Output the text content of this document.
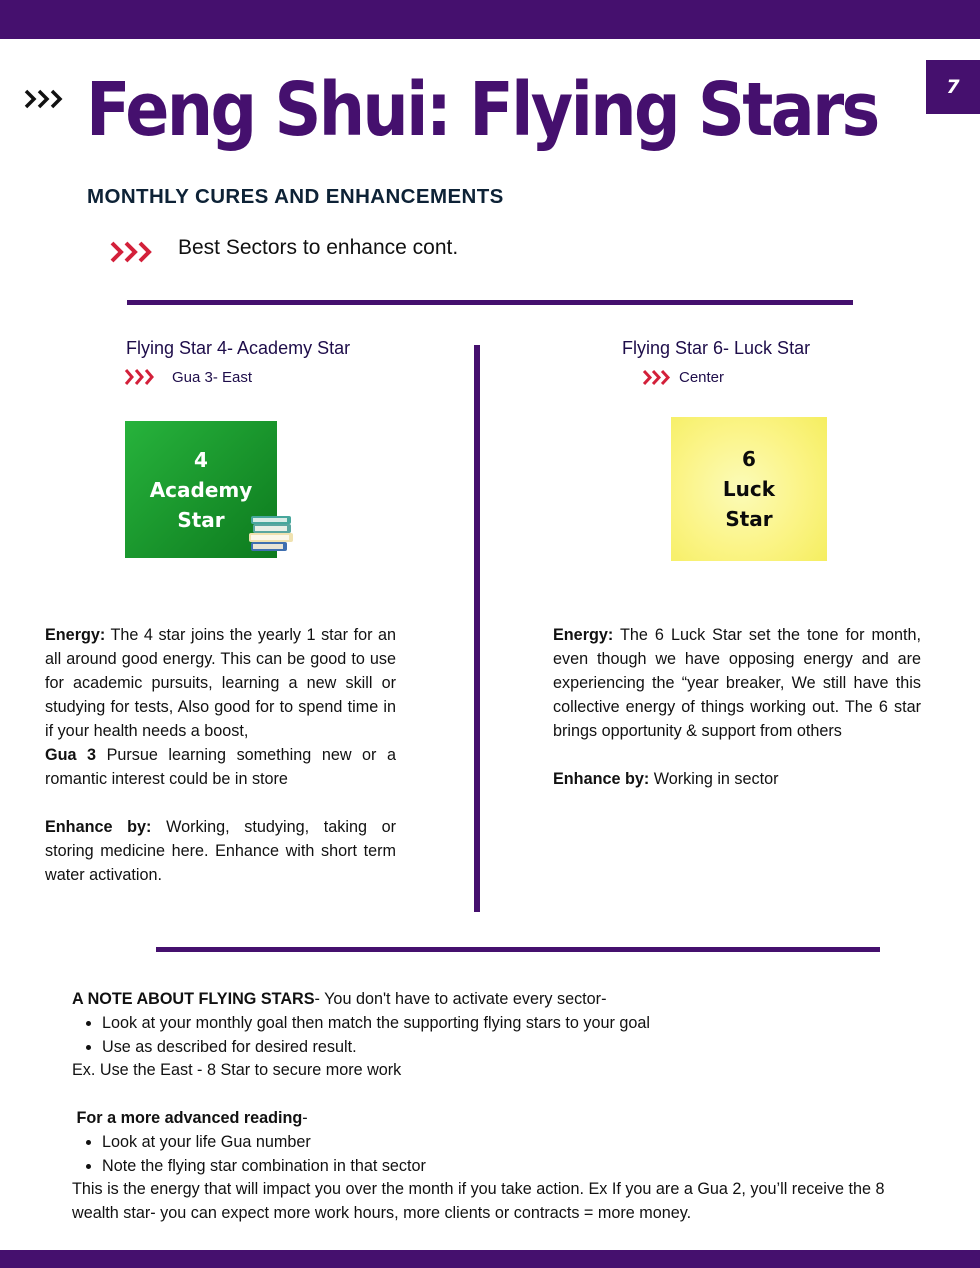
7
Feng Shui: Flying Stars
MONTHLY CURES AND ENHANCEMENTS
Best Sectors to enhance cont.
Flying Star 4- Academy Star
Gua 3- East
4
Academy
Star

Energy: The 4 star joins the yearly 1 star for an all around good energy. This can be good to use for academic pursuits, learning a new skill or studying for tests, Also good for to spend time in if your health needs a boost,

Gua 3 Pursue learning something new or a romantic interest could be in store

Enhance by: Working, studying, taking or storing medicine here. Enhance with short term water activation.

Flying Star 6- Luck Star
Center
6
Luck
Star

Energy: The 6 Luck Star set the tone for month, even though we have opposing energy and are experiencing the “year breaker, We still have this collective energy of things working out. The 6 star brings opportunity & support from others

Enhance by: Working in sector

A NOTE ABOUT FLYING STARS- You don't have to activate every sector-

• Look at your monthly goal then match the supporting flying stars to your goal
• Use as described for desired result.

Ex. Use the East - 8 Star to secure more work

For a more advanced reading-

• Look at your life Gua number
• Note the flying star combination in that sector

This is the energy that will impact you over the month if you take action. Ex If you are a Gua 2, you’ll receive the 8 wealth star- you can expect more work hours, more clients or contracts = more money.
